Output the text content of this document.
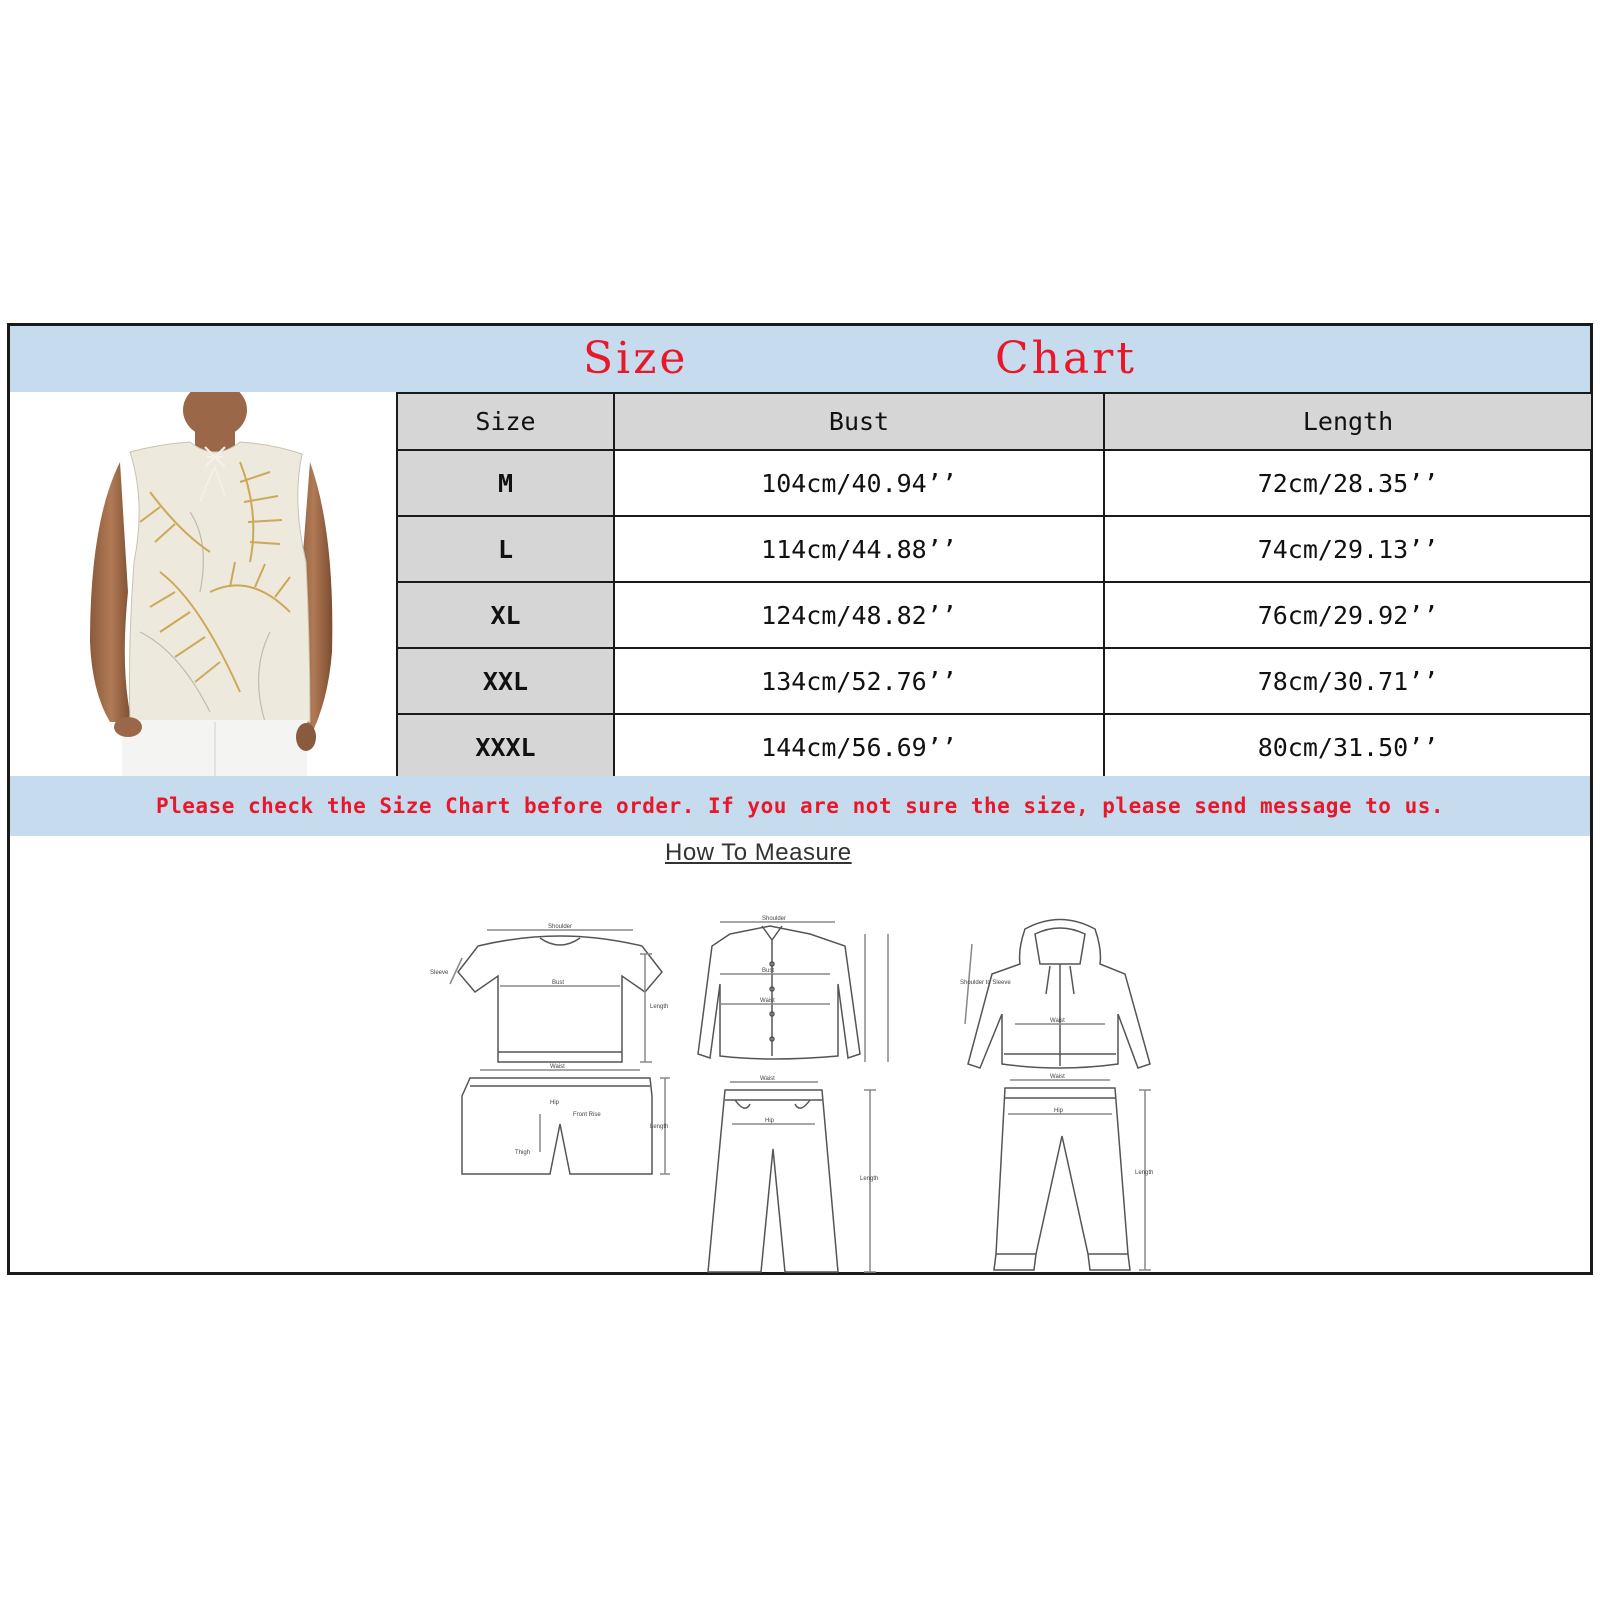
Size	Chart
Size	Bust	Length
M	104cm/40.94’’	72cm/28.35’’
L	114cm/44.88’’	74cm/29.13’’
XL	124cm/48.82’’	76cm/29.92’’
XXL	134cm/52.76’’	78cm/30.71’’
XXXL	144cm/56.69’’	80cm/31.50’’
Please check the Size Chart before order. If you are not sure the size, please send message to us.
How To Measure
Shoulder
Sleeve
Bust
Length
Waist
Hip
Front Rise
Thigh
Length
Shoulder
Bust
Waist
Waist
Hip
Length
Shoulder to Sleeve
Waist
Waist
Hip
Length
